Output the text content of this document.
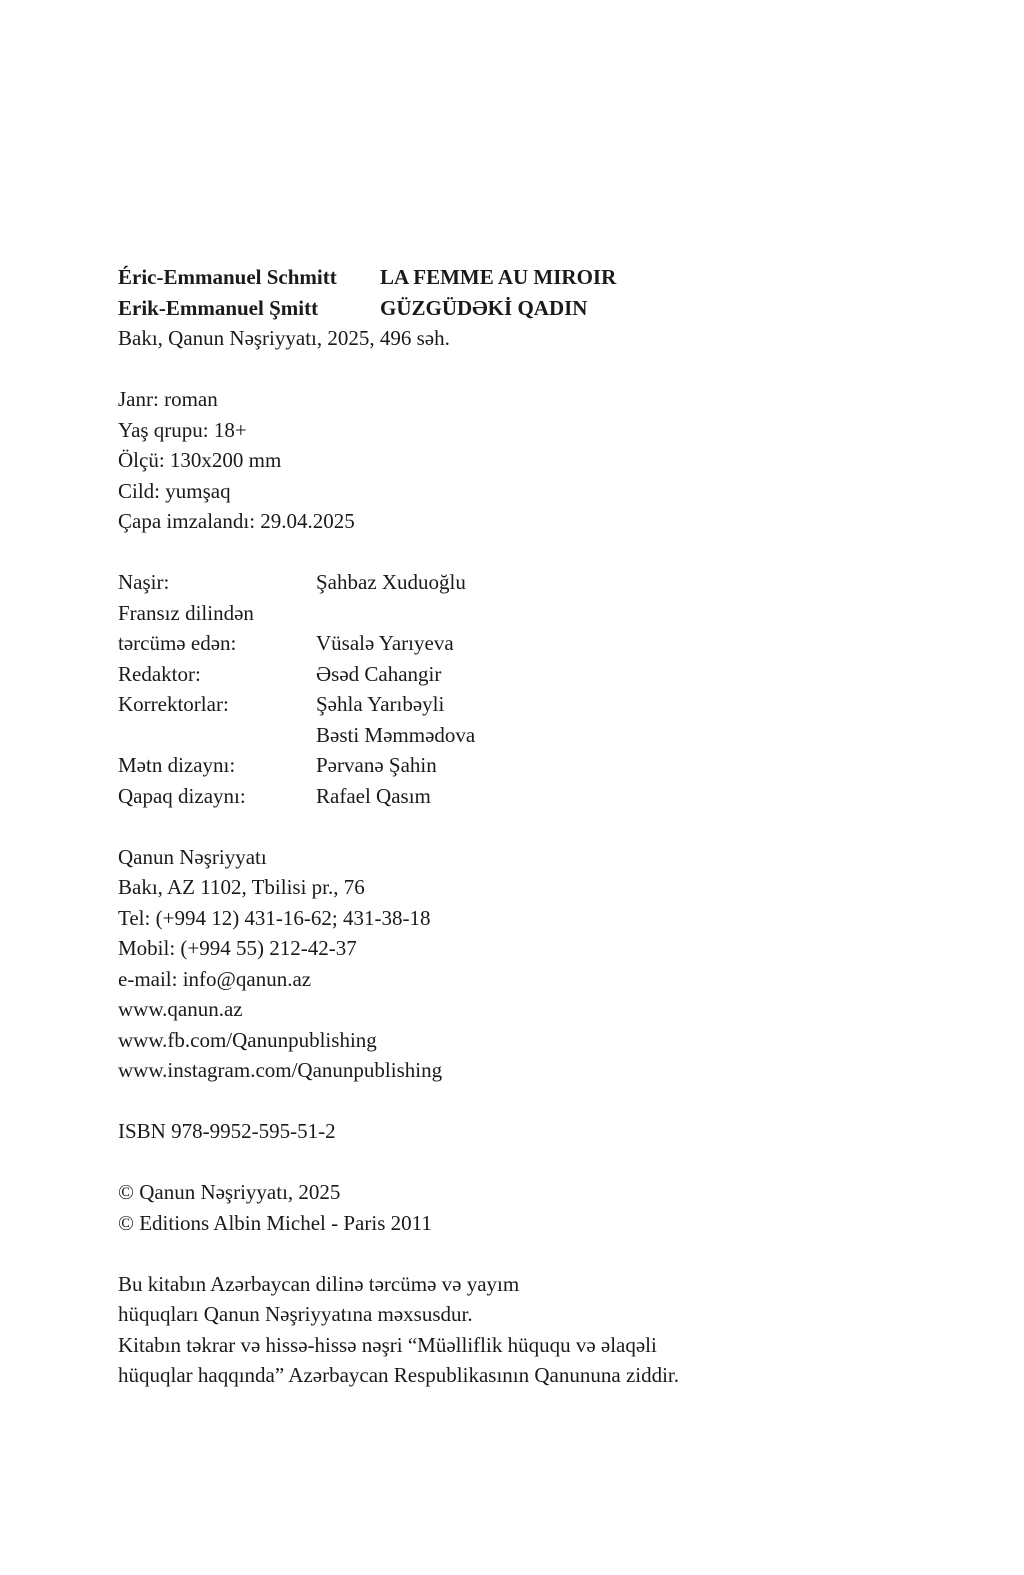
Éric-Emmanuel Schmitt	LA FEMME AU MIROIR
Erik-Emmanuel Şmitt	GÜZGÜDƏKİ QADIN
Bakı, Qanun Nəşriyyatı, 2025, 496 səh.
Janr: roman
Yaş qrupu: 18+
Ölçü: 130x200 mm
Cild: yumşaq
Çapa imzalandı: 29.04.2025
Naşir:	Şahbaz Xuduoğlu
Fransız dilindən
tərcümə edən:	Vüsalə Yarıyeva
Redaktor:	Əsəd Cahangir
Korrektorlar:	Şəhla Yarıbəyli
Bəsti Məmmədova
Mətn dizaynı:	Pərvanə Şahin
Qapaq dizaynı:	Rafael Qasım
Qanun Nəşriyyatı
Bakı, AZ 1102, Tbilisi pr., 76
Tel: (+994 12) 431-16-62; 431-38-18
Mobil: (+994 55) 212-42-37
e-mail: info@qanun.az
www.qanun.az
www.fb.com/Qanunpublishing
www.instagram.com/Qanunpublishing
ISBN 978-9952-595-51-2
© Qanun Nəşriyyatı, 2025
© Editions Albin Michel - Paris 2011
Bu kitabın Azərbaycan dilinə tərcümə və yayım
hüquqları Qanun Nəşriyyatına məxsusdur.
Kitabın təkrar və hissə-hissə nəşri “Müəlliflik hüququ və əlaqəli
hüquqlar haqqında” Azərbaycan Respublikasının Qanununa ziddir.
